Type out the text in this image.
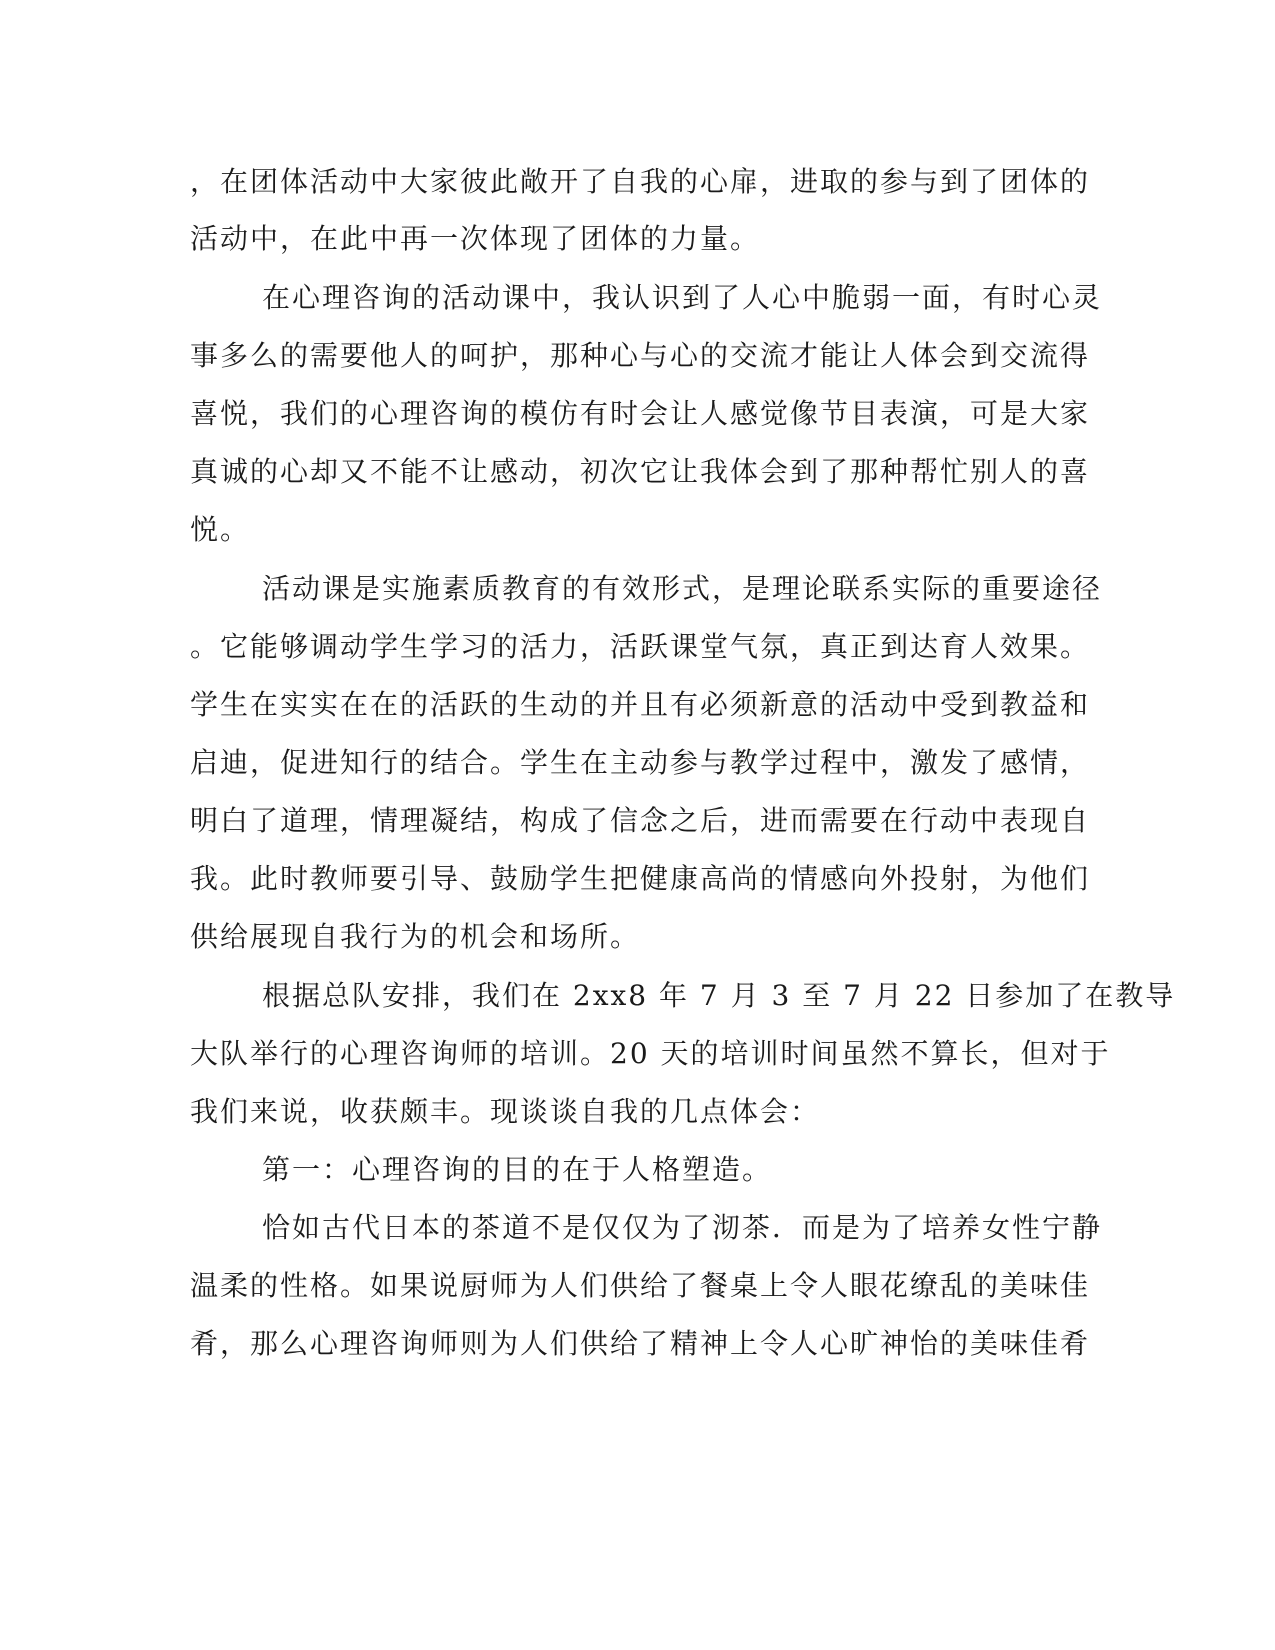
，在团体活动中大家彼此敞开了自我的心扉，进取的参与到了团体的
活动中，在此中再一次体现了团体的力量。
在心理咨询的活动课中，我认识到了人心中脆弱一面，有时心灵
事多么的需要他人的呵护，那种心与心的交流才能让人体会到交流得
喜悦，我们的心理咨询的模仿有时会让人感觉像节目表演，可是大家
真诚的心却又不能不让感动，初次它让我体会到了那种帮忙别人的喜
悦。
活动课是实施素质教育的有效形式，是理论联系实际的重要途径
。它能够调动学生学习的活力，活跃课堂气氛，真正到达育人效果。
学生在实实在在的活跃的生动的并且有必须新意的活动中受到教益和
启迪，促进知行的结合。学生在主动参与教学过程中，激发了感情，
明白了道理，情理凝结，构成了信念之后，进而需要在行动中表现自
我。此时教师要引导、鼓励学生把健康高尚的情感向外投射，为他们
供给展现自我行为的机会和场所。
根据总队安排，我们在 2xx8 年 7 月 3 至 7 月 22 日参加了在教导
大队举行的心理咨询师的培训。20 天的培训时间虽然不算长，但对于
我们来说，收获颇丰。现谈谈自我的几点体会：
第一：心理咨询的目的在于人格塑造。
恰如古代日本的茶道不是仅仅为了沏茶．而是为了培养女性宁静
温柔的性格。如果说厨师为人们供给了餐桌上令人眼花缭乱的美味佳
肴，那么心理咨询师则为人们供给了精神上令人心旷神怡的美味佳肴
